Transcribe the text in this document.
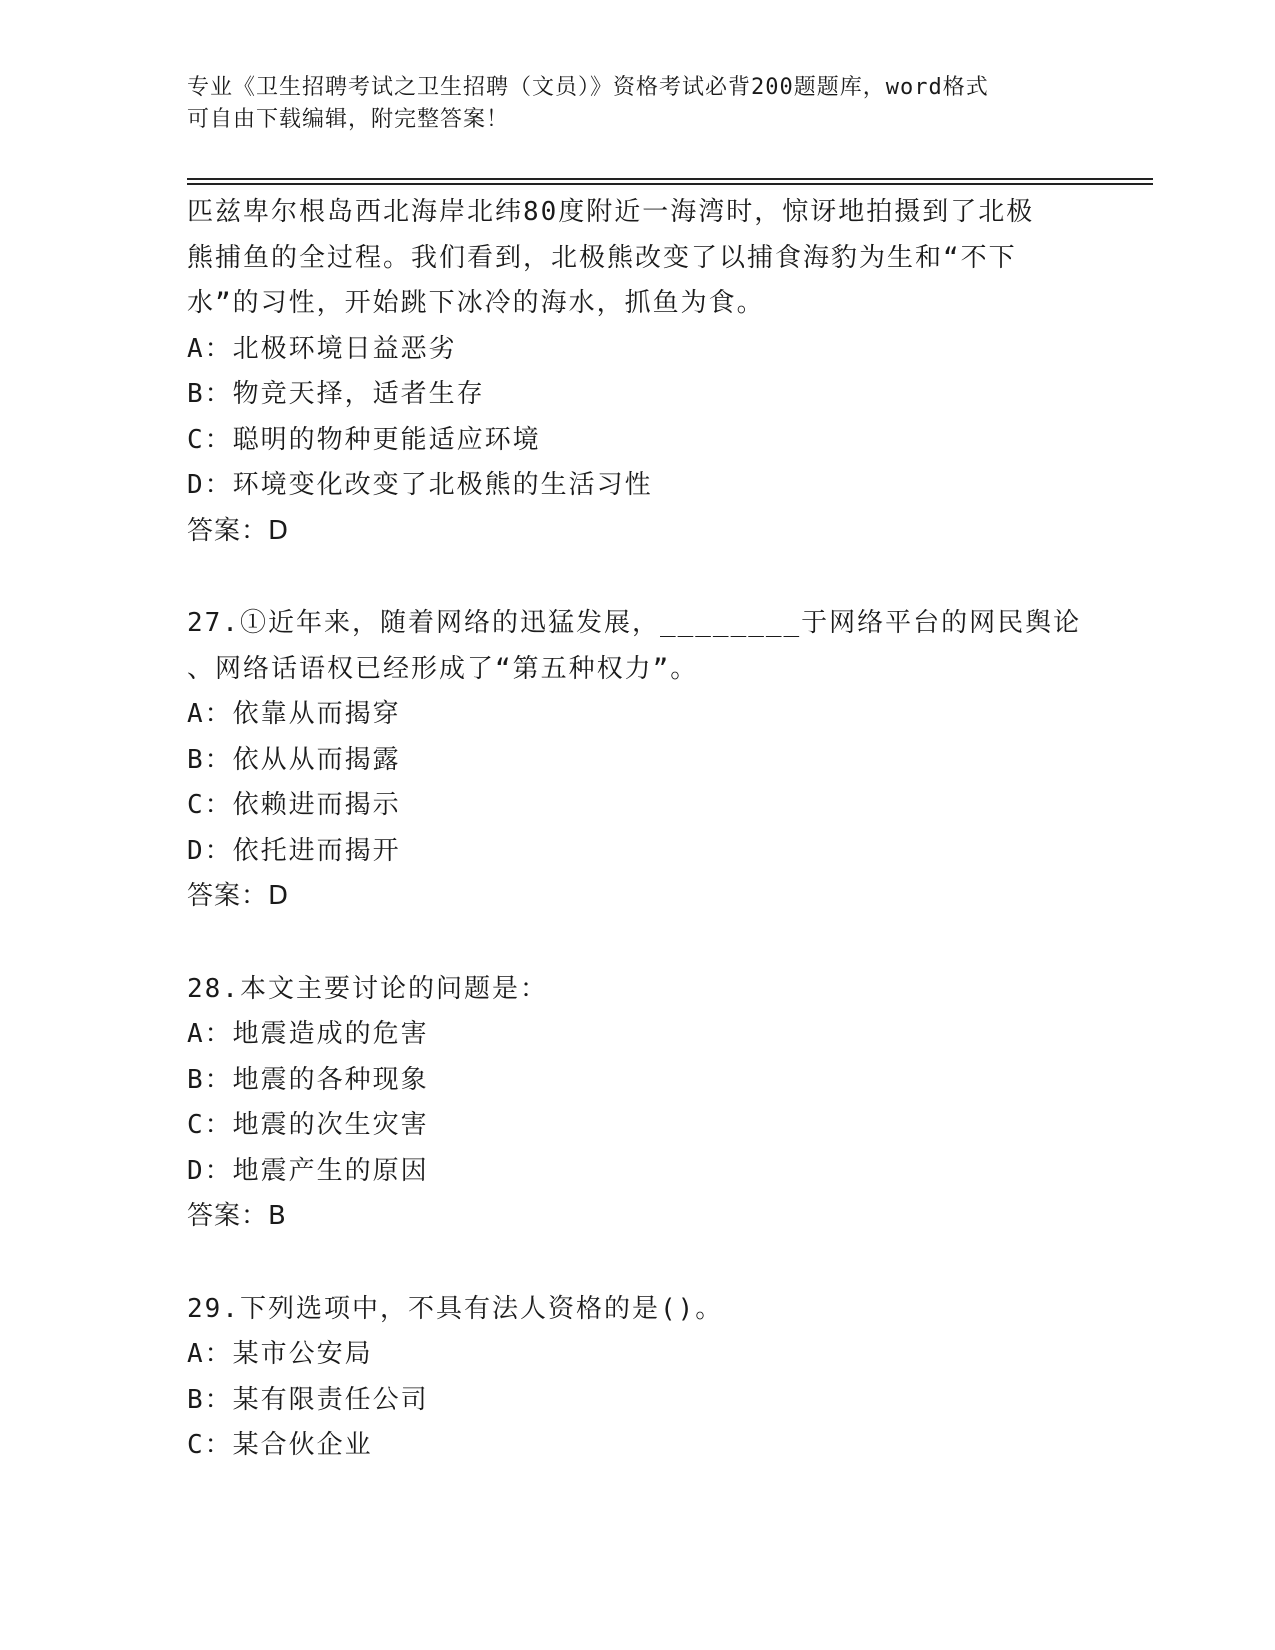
专业《卫生招聘考试之卫生招聘（文员）》资格考试必背200题题库，word格式
可自由下载编辑，附完整答案！
匹兹卑尔根岛西北海岸北纬80度附近一海湾时，惊讶地拍摄到了北极
熊捕鱼的全过程。我们看到，北极熊改变了以捕食海豹为生和“不下
水”的习性，开始跳下冰冷的海水，抓鱼为食。
A：北极环境日益恶劣
B：物竞天择，适者生存
C：聪明的物种更能适应环境
D：环境变化改变了北极熊的生活习性
答案：D
27.①近年来，随着网络的迅猛发展，________于网络平台的网民舆论
、网络话语权已经形成了“第五种权力”。
A：依靠从而揭穿
B：依从从而揭露
C：依赖进而揭示
D：依托进而揭开
答案：D
28.本文主要讨论的问题是：
A：地震造成的危害
B：地震的各种现象
C：地震的次生灾害
D：地震产生的原因
答案：B
29.下列选项中，不具有法人资格的是()。
A：某市公安局
B：某有限责任公司
C：某合伙企业
